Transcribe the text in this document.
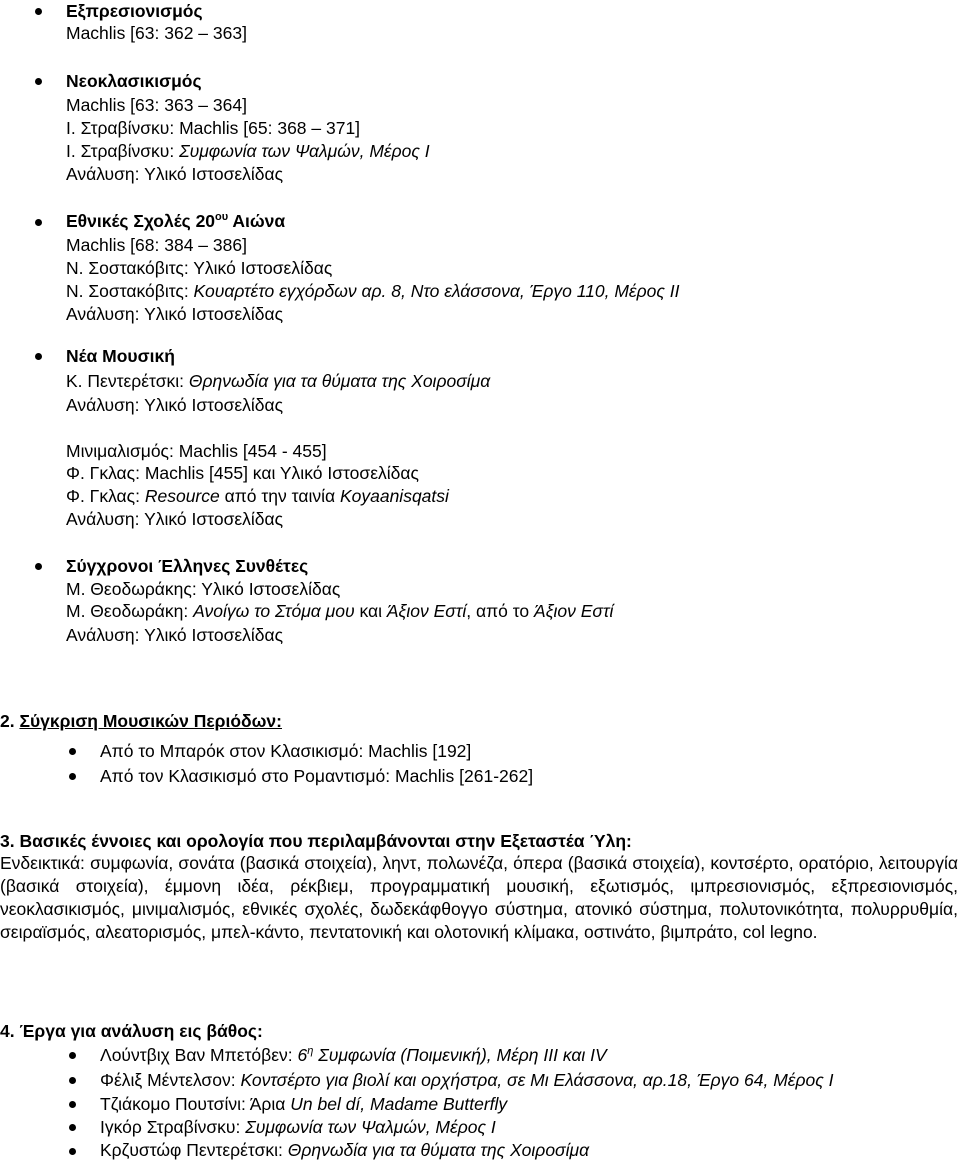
Εξπρεσιονισμός
Machlis [63: 362 – 363]
Νεοκλασικισμός
Machlis [63: 363 – 364]
Ι. Στραβίνσκυ: Machlis [65: 368 – 371]
Ι. Στραβίνσκυ: Συμφωνία των Ψαλμών, Μέρος Ι
Ανάλυση: Υλικό Ιστοσελίδας
Εθνικές Σχολές $20^{o\upsilon}$ Αιώνα
Machlis [68: 384 – 386]
Ν. Σοστακόβιτς: Υλικό Ιστοσελίδας
Ν. Σοστακόβιτς: Κουαρτέτο εγχόρδων αρ. 8, Ντο ελάσσονα, Έργο 110, Μέρος ΙΙ
Ανάλυση: Υλικό Ιστοσελίδας
Νέα Μουσική
Κ. Πεντερέτσκι: Θρηνωδία για τα θύματα της Χοιροσίμα
Ανάλυση: Υλικό Ιστοσελίδας
Μινιμαλισμός: Machlis [454 - 455]
Φ. Γκλας: Machlis [455] και Υλικό Ιστοσελίδας
Φ. Γκλας: Resource από την ταινία Koyaanisqatsi
Ανάλυση: Υλικό Ιστοσελίδας
Σύγχρονοι Έλληνες Συνθέτες
Μ. Θεοδωράκης: Υλικό Ιστοσελίδας
Μ. Θεοδωράκη: Ανοίγω το Στόμα μου και Άξιον Εστί, από το Άξιον Εστί
Ανάλυση: Υλικό Ιστοσελίδας
2. Σύγκριση Μουσικών Περιόδων:
Από το Μπαρόκ στον Κλασικισμό: Machlis [192]
Από τον Κλασικισμό στο Ρομαντισμό: Machlis [261-262]
3. Βασικές έννοιες και ορολογία που περιλαμβάνονται στην Εξεταστέα Ύλη:

Ενδεικτικά: συμφωνία, σονάτα (βασικά στοιχεία), ληντ, πολωνέζα, όπερα (βασικά στοιχεία), κοντσέρτο, ορατόριο, λειτουργία (βασικά στοιχεία), έμμονη ιδέα, ρέκβιεμ, προγραμματική μουσική, εξωτισμός, ιμπρεσιονισμός, εξπρεσιονισμός, νεοκλασικισμός, μινιμαλισμός, εθνικές σχολές, δωδεκάφθογγο σύστημα, ατονικό σύστημα, πολυτονικότητα, πολυρρυθμία, σειραϊσμός, αλεατορισμός, μπελ-κάντο, πεντατονική και ολοτονική κλίμακα, οστινάτο, βιμπράτο, col legno.

4. Έργα για ανάλυση εις βάθος:
Λούντβιχ Βαν Μπετόβεν: $6^\eta$ Συμφωνία (Ποιμενική), Μέρη ΙΙΙ και ΙV
Φέλιξ Μέντελσον: Κοντσέρτο για βιολί και ορχήστρα, σε Μι Ελάσσονα, αρ.18, Έργο 64, Μέρος Ι
Τζιάκομο Πουτσίνι: Άρια Un bel dí, Madame Butterfly
Ιγκόρ Στραβίνσκυ: Συμφωνία των Ψαλμών, Μέρος Ι
Κρζυστώφ Πεντερέτσκι: Θρηνωδία για τα θύματα της Χοιροσίμα
